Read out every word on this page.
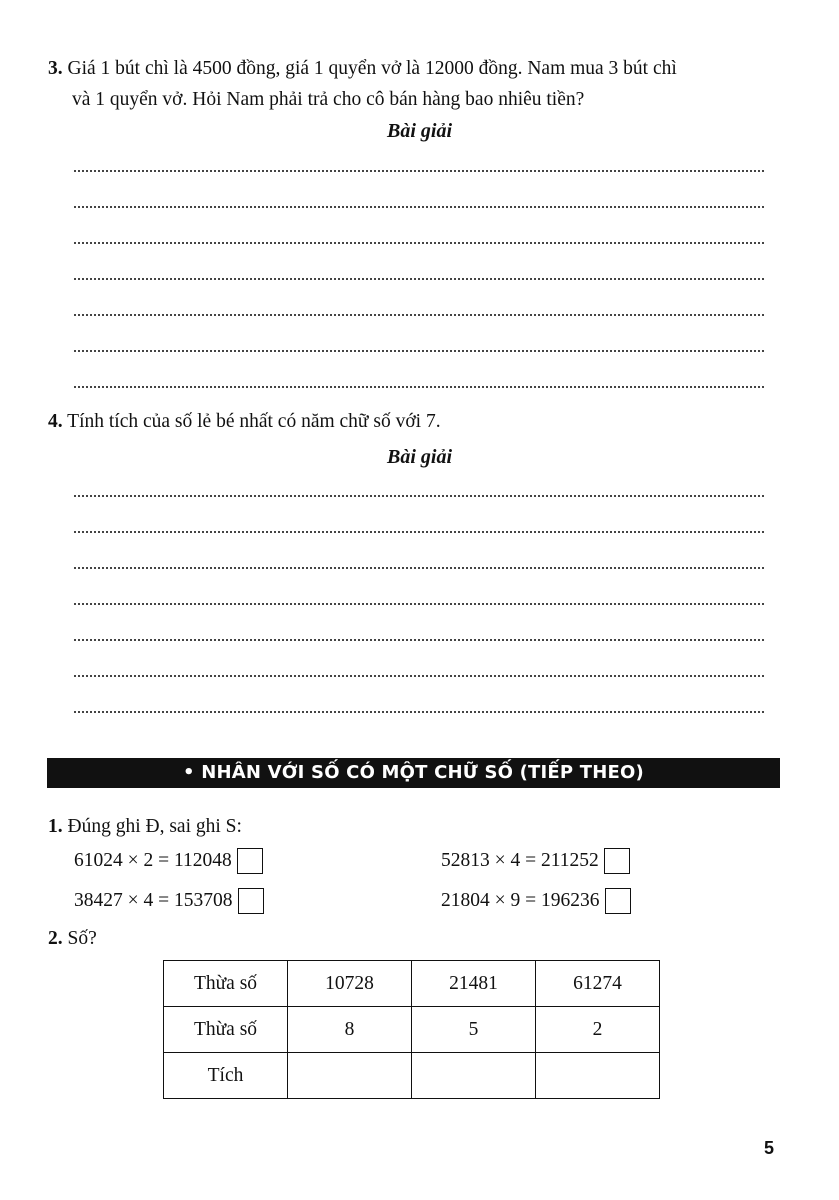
3. Giá 1 bút chì là 4500 đồng, giá 1 quyển vở là 12000 đồng. Nam mua 3 bút chì
và 1 quyển vở. Hỏi Nam phải trả cho cô bán hàng bao nhiêu tiền?
Bài giải
4. Tính tích của số lẻ bé nhất có năm chữ số với 7.
Bài giải
• NHÂN VỚI SỐ CÓ MỘT CHỮ SỐ (TIẾP THEO)
1. Đúng ghi Đ, sai ghi S:
61024 × 2 = 112048	52813 × 4 = 211252
38427 × 4 = 153708	21804 × 9 = 196236
2. Số?
Thừa số	10728	21481	61274
Thừa số	8	5	2
Tích			
5
